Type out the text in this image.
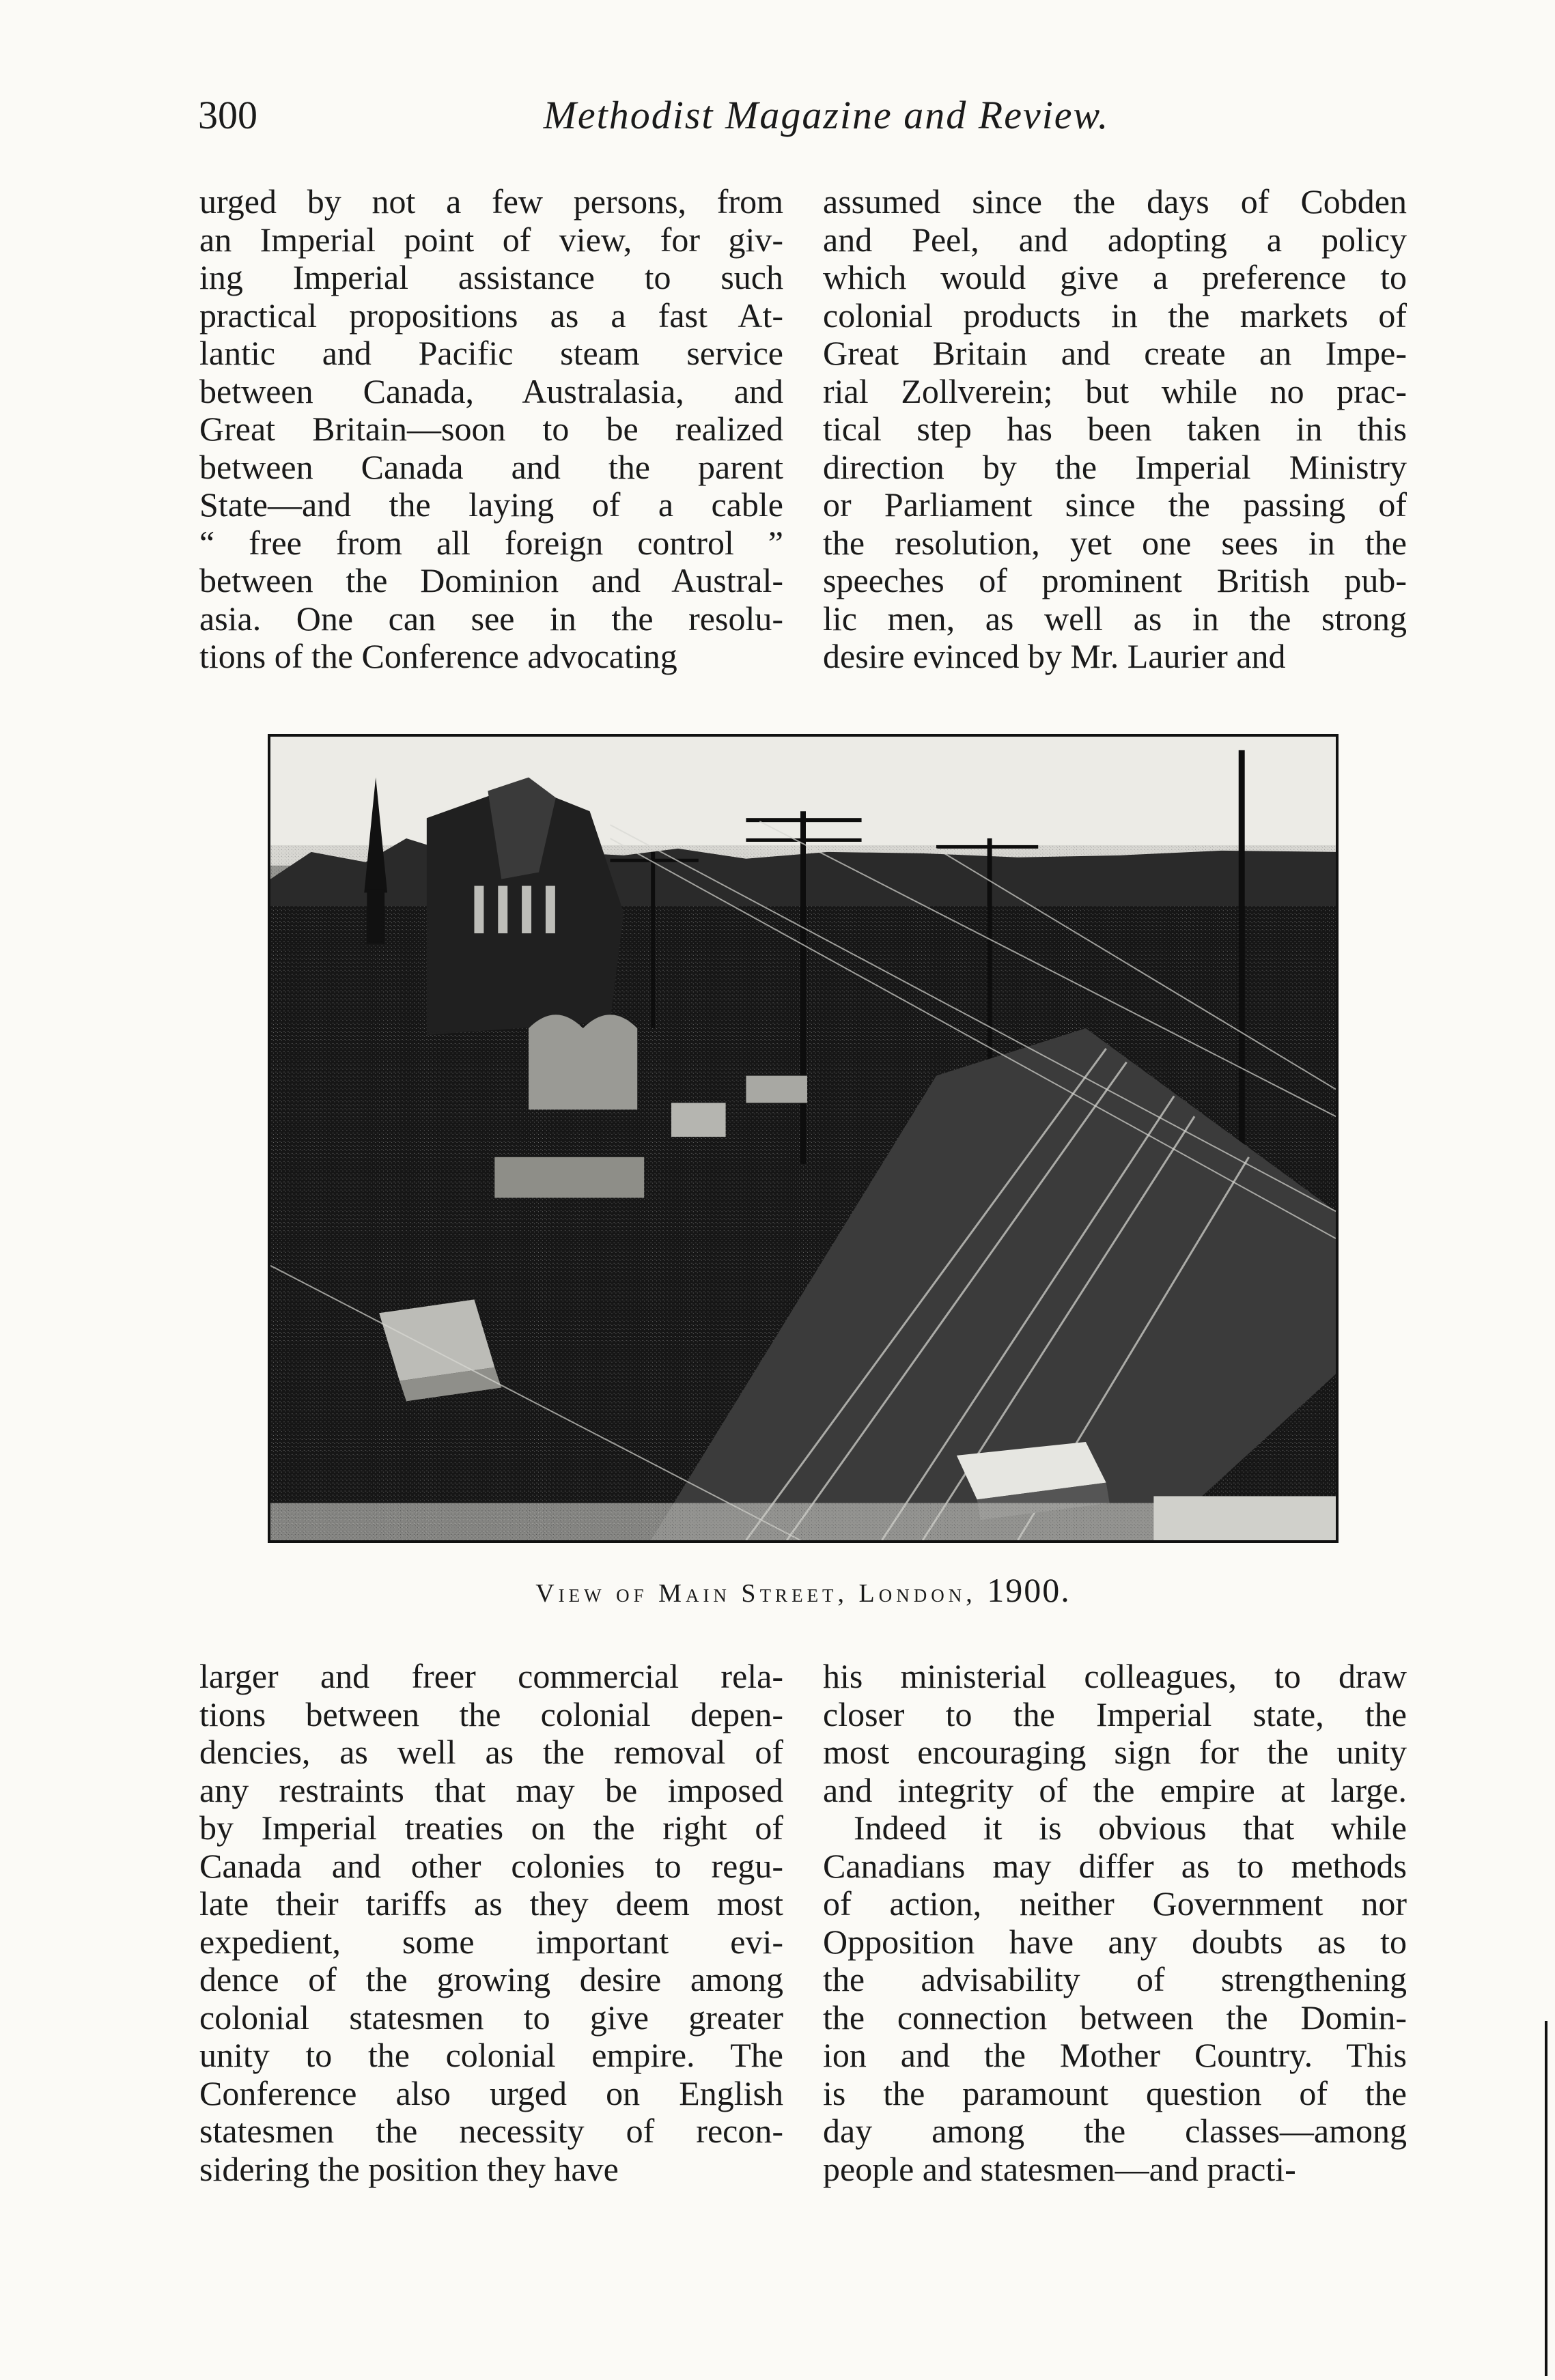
300	Methodist Magazine and Review.
urged by not a few persons, from
an Imperial point of view, for giv-
ing Imperial assistance to such
practical propositions as a fast At-
lantic and Pacific steam service
between Canada, Australasia, and
Great Britain—soon to be realized
between Canada and the parent
State—and the laying of a cable
“ free from all foreign control ”
between the Dominion and Austral-
asia. One can see in the resolu-
tions of the Conference advocating
assumed since the days of Cobden
and Peel, and adopting a policy
which would give a preference to
colonial products in the markets of
Great Britain and create an Impe-
rial Zollverein; but while no prac-
tical step has been taken in this
direction by the Imperial Ministry
or Parliament since the passing of
the resolution, yet one sees in the
speeches of prominent British pub-
lic men, as well as in the strong
desire evinced by Mr. Laurier and
View of Main Street, London, 1900.
larger and freer commercial rela-
tions between the colonial depen-
dencies, as well as the removal of
any restraints that may be imposed
by Imperial treaties on the right of
Canada and other colonies to regu-
late their tariffs as they deem most
expedient, some important evi-
dence of the growing desire among
colonial statesmen to give greater
unity to the colonial empire. The
Conference also urged on English
statesmen the necessity of recon-
sidering the position they have
his ministerial colleagues, to draw
closer to the Imperial state, the
most encouraging sign for the unity
and integrity of the empire at large.
Indeed it is obvious that while
Canadians may differ as to methods
of action, neither Government nor
Opposition have any doubts as to
the advisability of strengthening
the connection between the Domin-
ion and the Mother Country. This
is the paramount question of the
day among the classes—among
people and statesmen—and practi-
